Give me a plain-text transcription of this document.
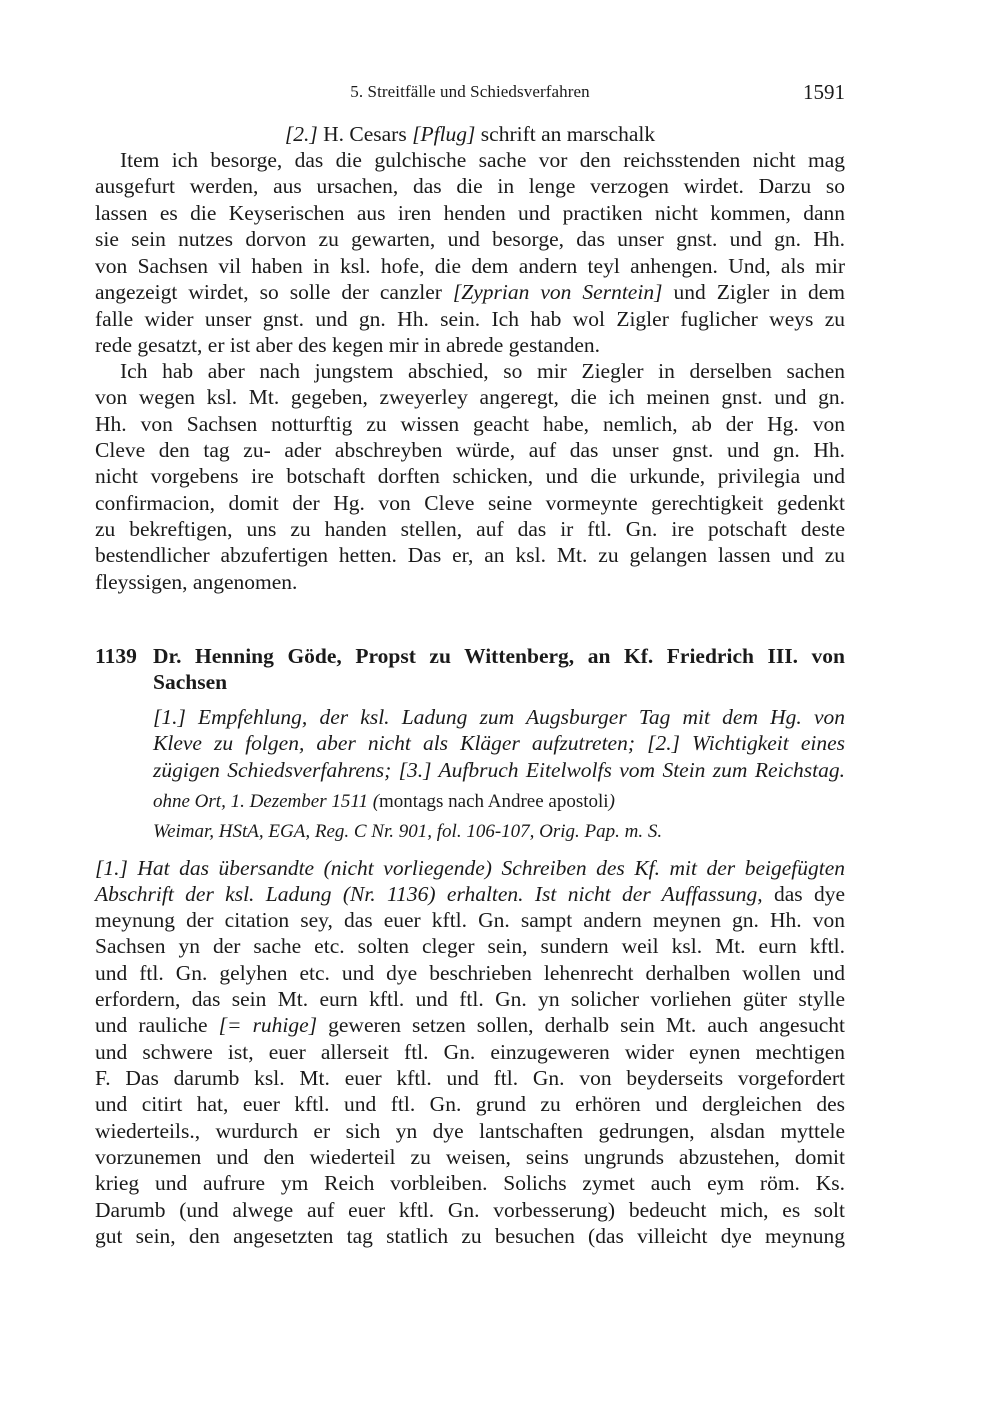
5. Streitfälle und Schiedsverfahren	1591
[2.] H. Cesars [Pflug] schrift an marschalk
Item ich besorge, das die gulchische sache vor den reichsstenden nicht mag
ausgefurt werden, aus ursachen, das die in lenge verzogen wirdet. Darzu so
lassen es die Keyserischen aus iren henden und practiken nicht kommen, dann
sie sein nutzes dorvon zu gewarten, und besorge, das unser gnst. und gn. Hh.
von Sachsen vil haben in ksl. hofe, die dem andern teyl anhengen. Und, als mir
angezeigt wirdet, so solle der canzler [Zyprian von Serntein] und Zigler in dem
falle wider unser gnst. und gn. Hh. sein. Ich hab wol Zigler fuglicher weys zu
rede gesatzt, er ist aber des kegen mir in abrede gestanden.
Ich hab aber nach jungstem abschied, so mir Ziegler in derselben sachen
von wegen ksl. Mt. gegeben, zweyerley angeregt, die ich meinen gnst. und gn.
Hh. von Sachsen notturftig zu wissen geacht habe, nemlich, ab der Hg. von
Cleve den tag zu- ader abschreyben würde, auf das unser gnst. und gn. Hh.
nicht vorgebens ire botschaft dorften schicken, und die urkunde, privilegia und
confirmacion, domit der Hg. von Cleve seine vormeynte gerechtigkeit gedenkt
zu bekreftigen, uns zu handen stellen, auf das ir ftl. Gn. ire potschaft deste
bestendlicher abzufertigen hetten. Das er, an ksl. Mt. zu gelangen lassen und zu
fleyssigen, angenomen.
1139 Dr. Henning Göde, Propst zu Wittenberg, an Kf. Friedrich III. von
Sachsen
[1.] Empfehlung, der ksl. Ladung zum Augsburger Tag mit dem Hg. von
Kleve zu folgen, aber nicht als Kläger aufzutreten; [2.] Wichtigkeit eines
zügigen Schiedsverfahrens; [3.] Aufbruch Eitelwolfs vom Stein zum Reichstag.
ohne Ort, 1. Dezember 1511 (montags nach Andree apostoli)
Weimar, HStA, EGA, Reg. C Nr. 901, fol. 106-107, Orig. Pap. m. S.
[1.] Hat das übersandte (nicht vorliegende) Schreiben des Kf. mit der beigefügten
Abschrift der ksl. Ladung (Nr. 1136) erhalten. Ist nicht der Auffassung, das dye
meynung der citation sey, das euer kftl. Gn. sampt andern meynen gn. Hh. von
Sachsen yn der sache etc. solten cleger sein, sundern weil ksl. Mt. eurn kftl.
und ftl. Gn. gelyhen etc. und dye beschrieben lehenrecht derhalben wollen und
erfordern, das sein Mt. eurn kftl. und ftl. Gn. yn solicher vorliehen güter stylle
und rauliche [= ruhige] geweren setzen sollen, derhalb sein Mt. auch angesucht
und schwere ist, euer allerseit ftl. Gn. einzugeweren wider eynen mechtigen
F. Das darumb ksl. Mt. euer kftl. und ftl. Gn. von beyderseits vorgefordert
und citirt hat, euer kftl. und ftl. Gn. grund zu erhören und dergleichen des
wiederteils., wurdurch er sich yn dye lantschaften gedrungen, alsdan myttele
vorzunemen und den wiederteil zu weisen, seins ungrunds abzustehen, domit
krieg und aufrure ym Reich vorbleiben. Solichs zymet auch eym röm. Ks.
Darumb (und alwege auf euer kftl. Gn. vorbesserung) bedeucht mich, es solt
gut sein, den angesetzten tag statlich zu besuchen (das villeicht dye meynung
